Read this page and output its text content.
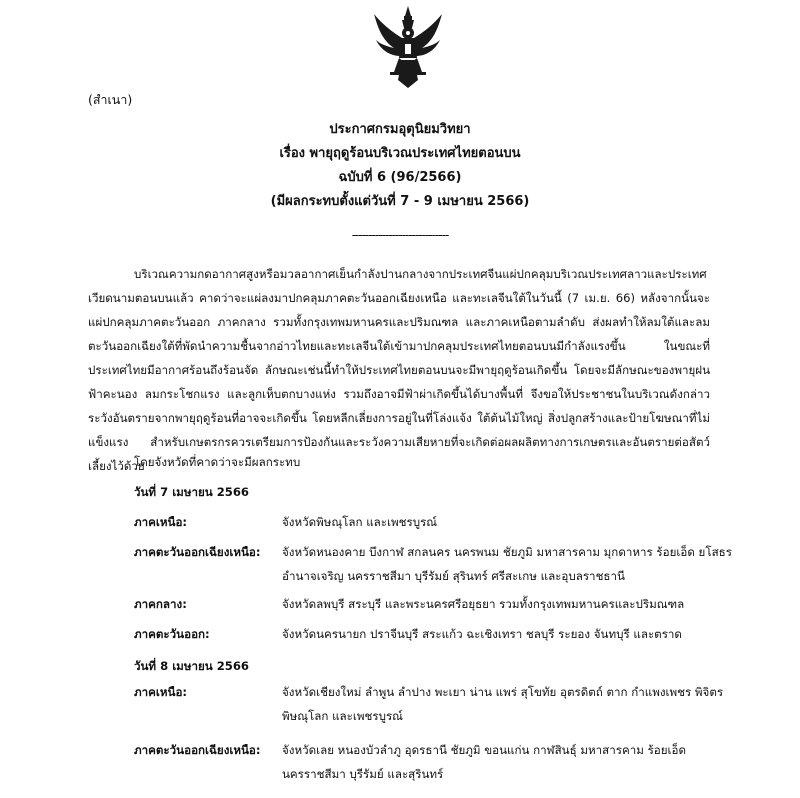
(สำเนา)
ประกาศกรมอุตุนิยมวิทยา
เรื่อง พายุฤดูร้อนบริเวณประเทศไทยตอนบน
ฉบับที่ 6 (96/2566)
(มีผลกระทบตั้งแต่วันที่ 7 - 9 เมษายน 2566)
-----------------------------
บริเวณความกดอากาศสูงหรือมวลอากาศเย็นกำลังปานกลางจากประเทศจีนแผ่ปกคลุมบริเวณประเทศลาวและประเทศเวียดนามตอนบนแล้ว คาดว่าจะแผ่ลงมาปกคลุมภาคตะวันออกเฉียงเหนือ และทะเลจีนใต้ในวันนี้ (7 เม.ย. 66) หลังจากนั้นจะแผ่ปกคลุมภาคตะวันออก ภาคกลาง รวมทั้งกรุงเทพมหานครและปริมณฑล และภาคเหนือตามลำดับ ส่งผลทำให้ลมใต้และลมตะวันออกเฉียงใต้ที่พัดนำความชื้นจากอ่าวไทยและทะเลจีนใต้เข้ามาปกคลุมประเทศไทยตอนบนมีกำลังแรงขึ้น ในขณะที่ประเทศไทยมีอากาศร้อนถึงร้อนจัด ลักษณะเช่นนี้ทำให้ประเทศไทยตอนบนจะมีพายุฤดูร้อนเกิดขึ้น โดยจะมีลักษณะของพายุฝนฟ้าคะนอง ลมกระโชกแรง และลูกเห็บตกบางแห่ง รวมถึงอาจมีฟ้าผ่าเกิดขึ้นได้บางพื้นที่ จึงขอให้ประชาชนในบริเวณดังกล่าวระวังอันตรายจากพายุฤดูร้อนที่อาจจะเกิดขึ้น โดยหลีกเลี่ยงการอยู่ในที่โล่งแจ้ง ใต้ต้นไม้ใหญ่ สิ่งปลูกสร้างและป้ายโฆษณาที่ไม่แข็งแรง สำหรับเกษตรกรควรเตรียมการป้องกันและระวังความเสียหายที่จะเกิดต่อผลผลิตทางการเกษตรและอันตรายต่อสัตว์เลี้ยงไว้ด้วย
โดยจังหวัดที่คาดว่าจะมีผลกระทบ
วันที่ 7 เมษายน 2566
ภาคเหนือ:	จังหวัดพิษณุโลก และเพชรบูรณ์
ภาคตะวันออกเฉียงเหนือ:	จังหวัดหนองคาย บึงกาฬ สกลนคร นครพนม ชัยภูมิ มหาสารคาม มุกดาหาร ร้อยเอ็ด ยโสธร อำนาจเจริญ นครราชสีมา บุรีรัมย์ สุรินทร์ ศรีสะเกษ และอุบลราชธานี
ภาคกลาง:	จังหวัดลพบุรี สระบุรี และพระนครศรีอยุธยา รวมทั้งกรุงเทพมหานครและปริมณฑล
ภาคตะวันออก:	จังหวัดนครนายก ปราจีนบุรี สระแก้ว ฉะเชิงเทรา ชลบุรี ระยอง จันทบุรี และตราด
วันที่ 8 เมษายน 2566
ภาคเหนือ:	จังหวัดเชียงใหม่ ลำพูน ลำปาง พะเยา น่าน แพร่ สุโขทัย อุตรดิตถ์ ตาก กำแพงเพชร พิจิตร พิษณุโลก และเพชรบูรณ์
ภาคตะวันออกเฉียงเหนือ:	จังหวัดเลย หนองบัวลำภู อุดรธานี ชัยภูมิ ขอนแก่น กาฬสินธุ์ มหาสารคาม ร้อยเอ็ด นครราชสีมา บุรีรัมย์ และสุรินทร์
